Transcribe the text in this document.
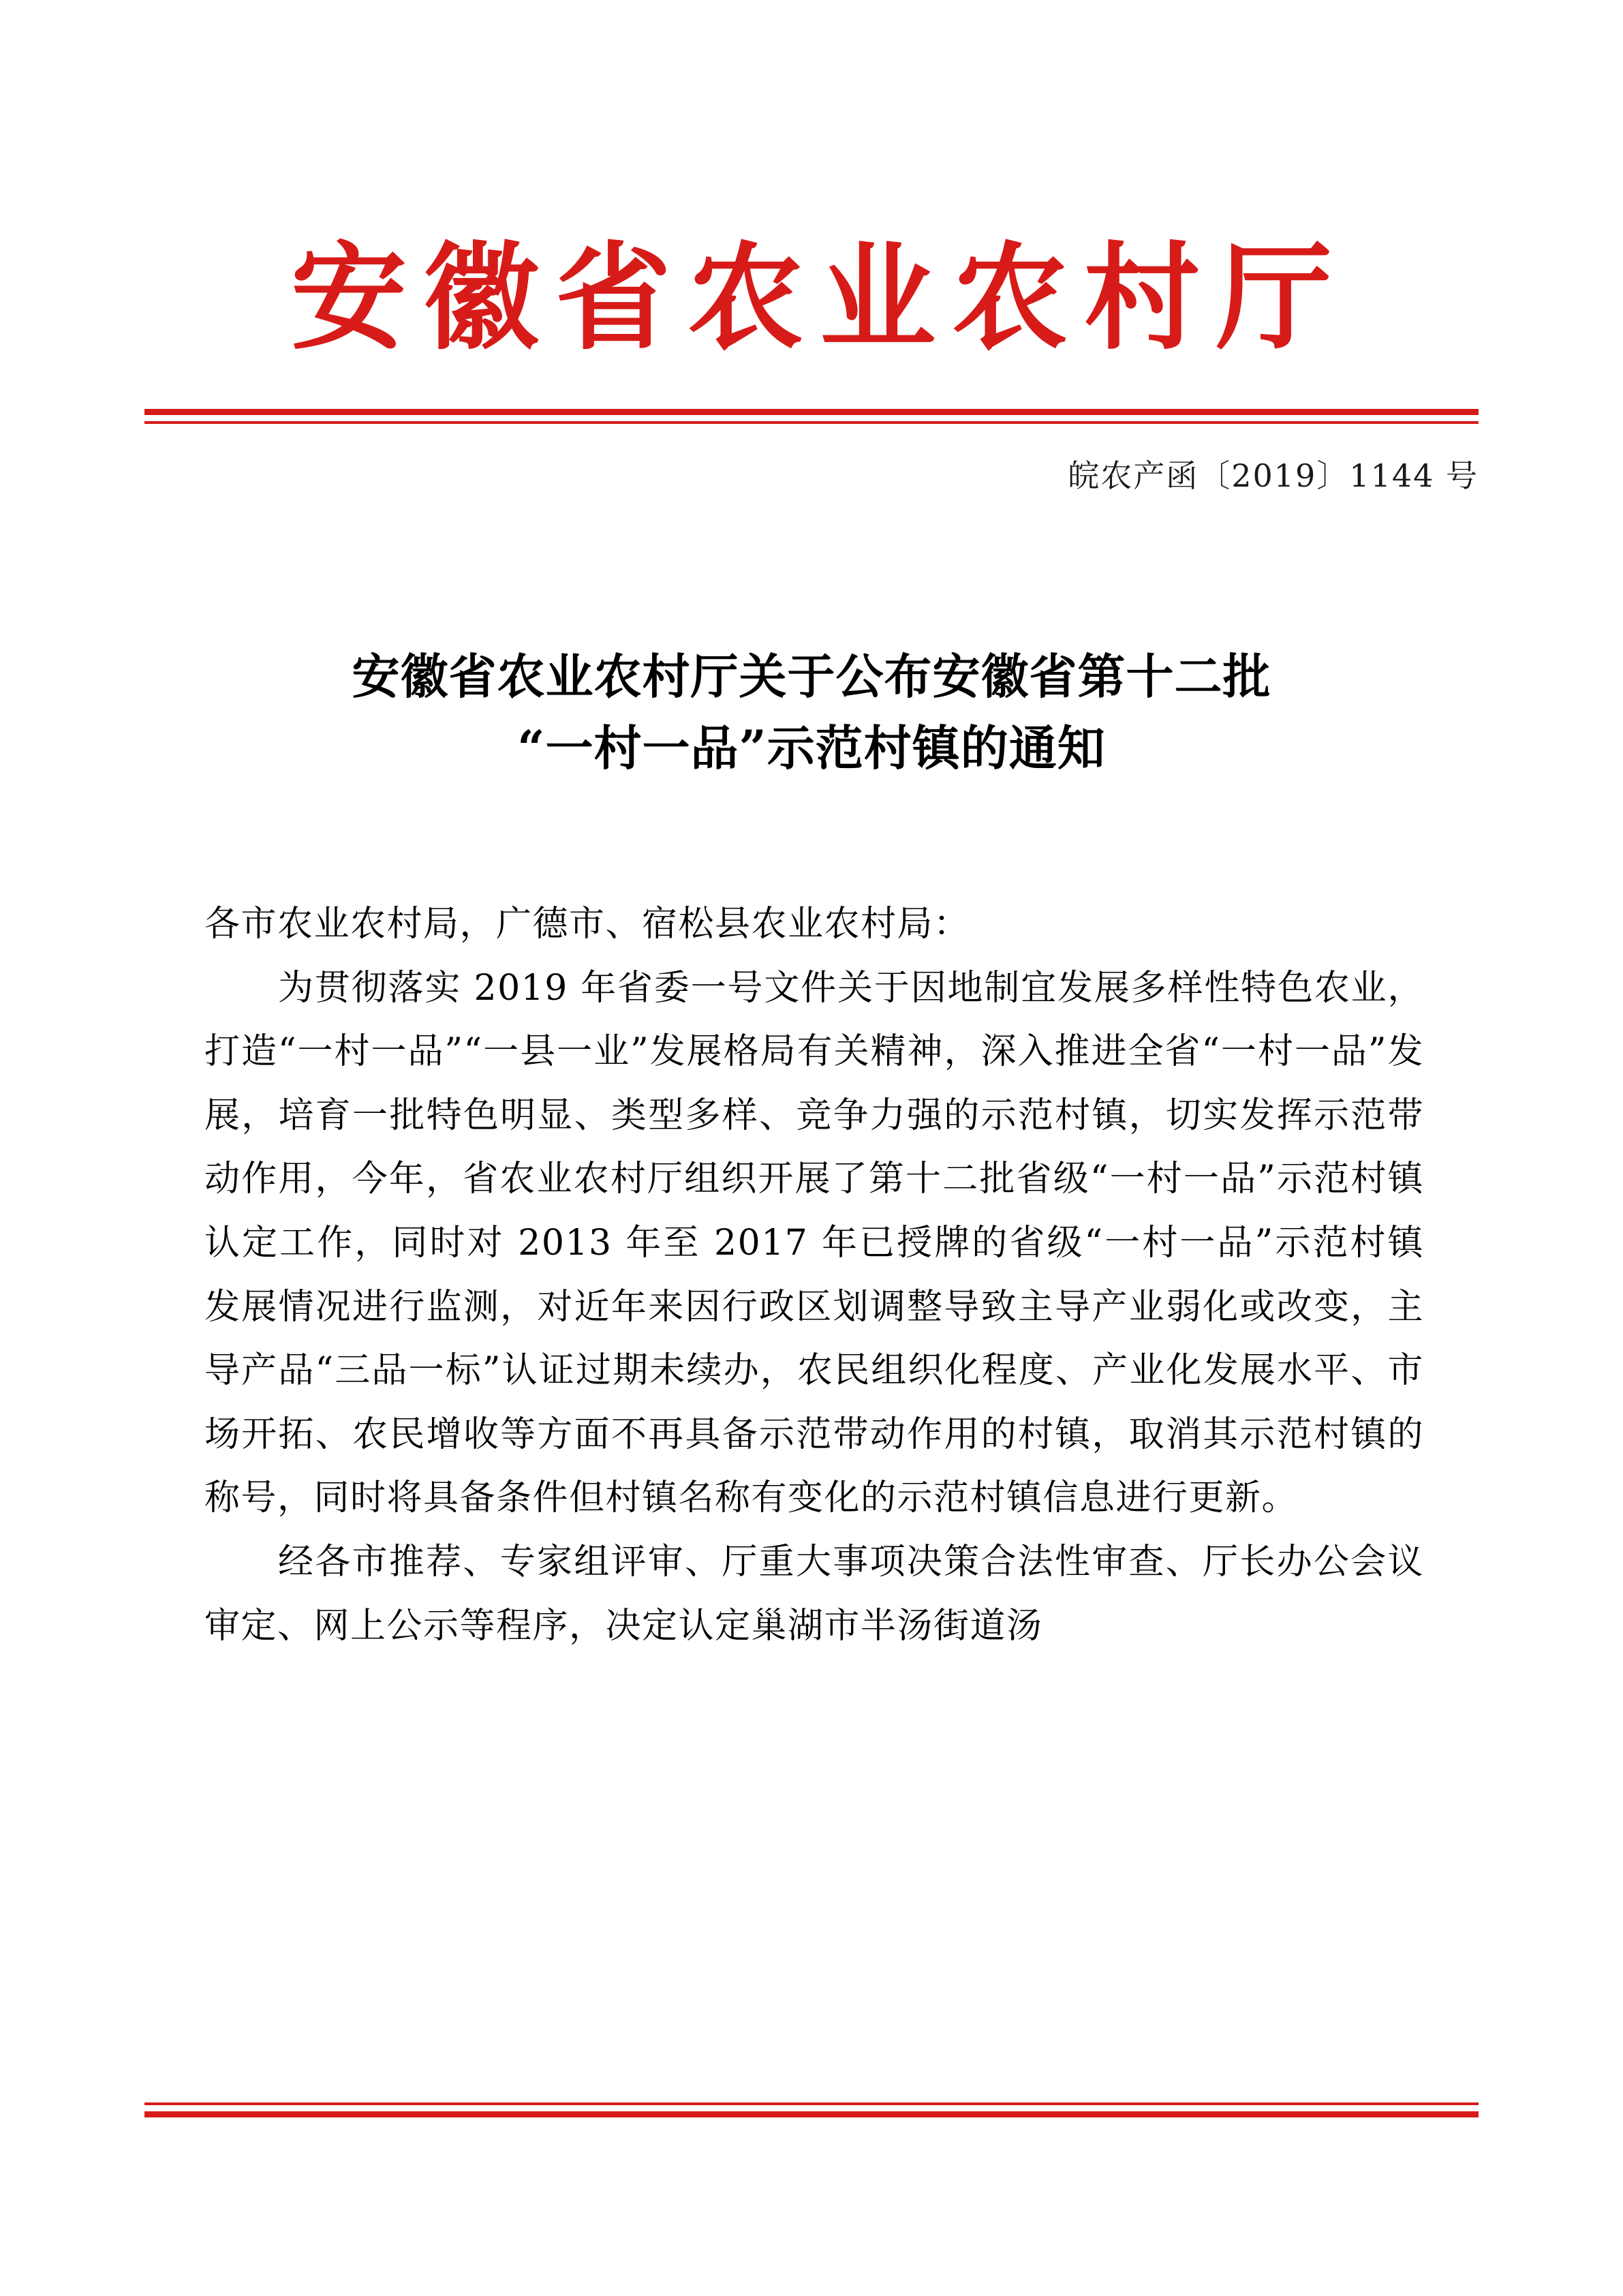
安徽省农业农村厅
皖农产函〔2019〕1144 号
安徽省农业农村厅关于公布安徽省第十二批
“一村一品”示范村镇的通知

各市农业农村局，广德市、宿松县农业农村局：

为贯彻落实 2019 年省委一号文件关于因地制宜发展多样性特色农业，打造“一村一品”“一县一业”发展格局有关精神，深入推进全省“一村一品”发展，培育一批特色明显、类型多样、竞争力强的示范村镇，切实发挥示范带动作用，今年，省农业农村厅组织开展了第十二批省级“一村一品”示范村镇认定工作，同时对 2013 年至 2017 年已授牌的省级“一村一品”示范村镇发展情况进行监测，对近年来因行政区划调整导致主导产业弱化或改变，主导产品“三品一标”认证过期未续办，农民组织化程度、产业化发展水平、市场开拓、农民增收等方面不再具备示范带动作用的村镇，取消其示范村镇的称号，同时将具备条件但村镇名称有变化的示范村镇信息进行更新。

经各市推荐、专家组评审、厅重大事项决策合法性审查、厅长办公会议审定、网上公示等程序，决定认定巢湖市半汤街道汤
